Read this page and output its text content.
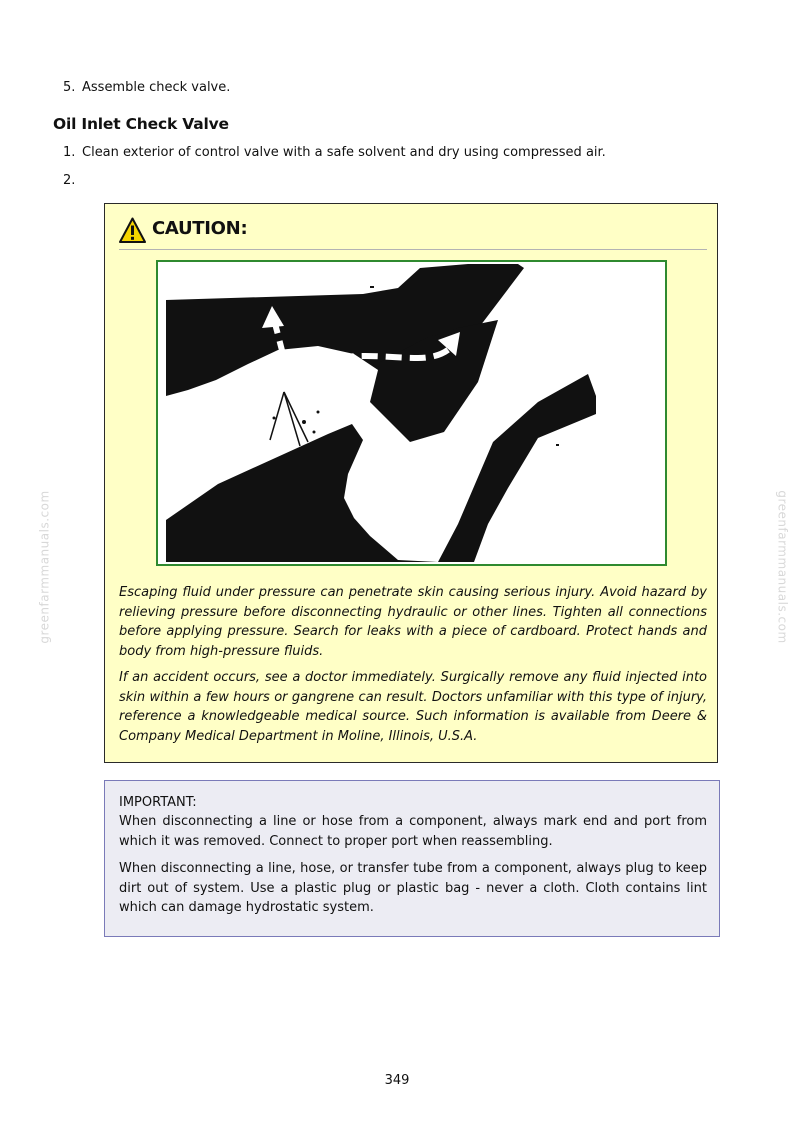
greenfarmmanuals.com	greenfarmmanuals.com
5. Assemble check valve.
Oil Inlet Check Valve
1. Clean exterior of control valve with a safe solvent and dry using compressed air.
2.
CAUTION:

Escaping fluid under pressure can penetrate skin causing serious injury. Avoid hazard by relieving pressure before disconnecting hydraulic or other lines. Tighten all connections before applying pressure. Search for leaks with a piece of cardboard. Protect hands and body from high-pressure fluids.

If an accident occurs, see a doctor immediately. Surgically remove any fluid injected into skin within a few hours or gangrene can result. Doctors unfamiliar with this type of injury, reference a knowledgeable medical source. Such information is available from Deere & Company Medical Department in Moline, Illinois, U.S.A.

IMPORTANT:

When disconnecting a line or hose from a component, always mark end and port from which it was removed. Connect to proper port when reassembling.

When disconnecting a line, hose, or transfer tube from a component, always plug to keep dirt out of system. Use a plastic plug or plastic bag - never a cloth. Cloth contains lint which can damage hydrostatic system.

349
